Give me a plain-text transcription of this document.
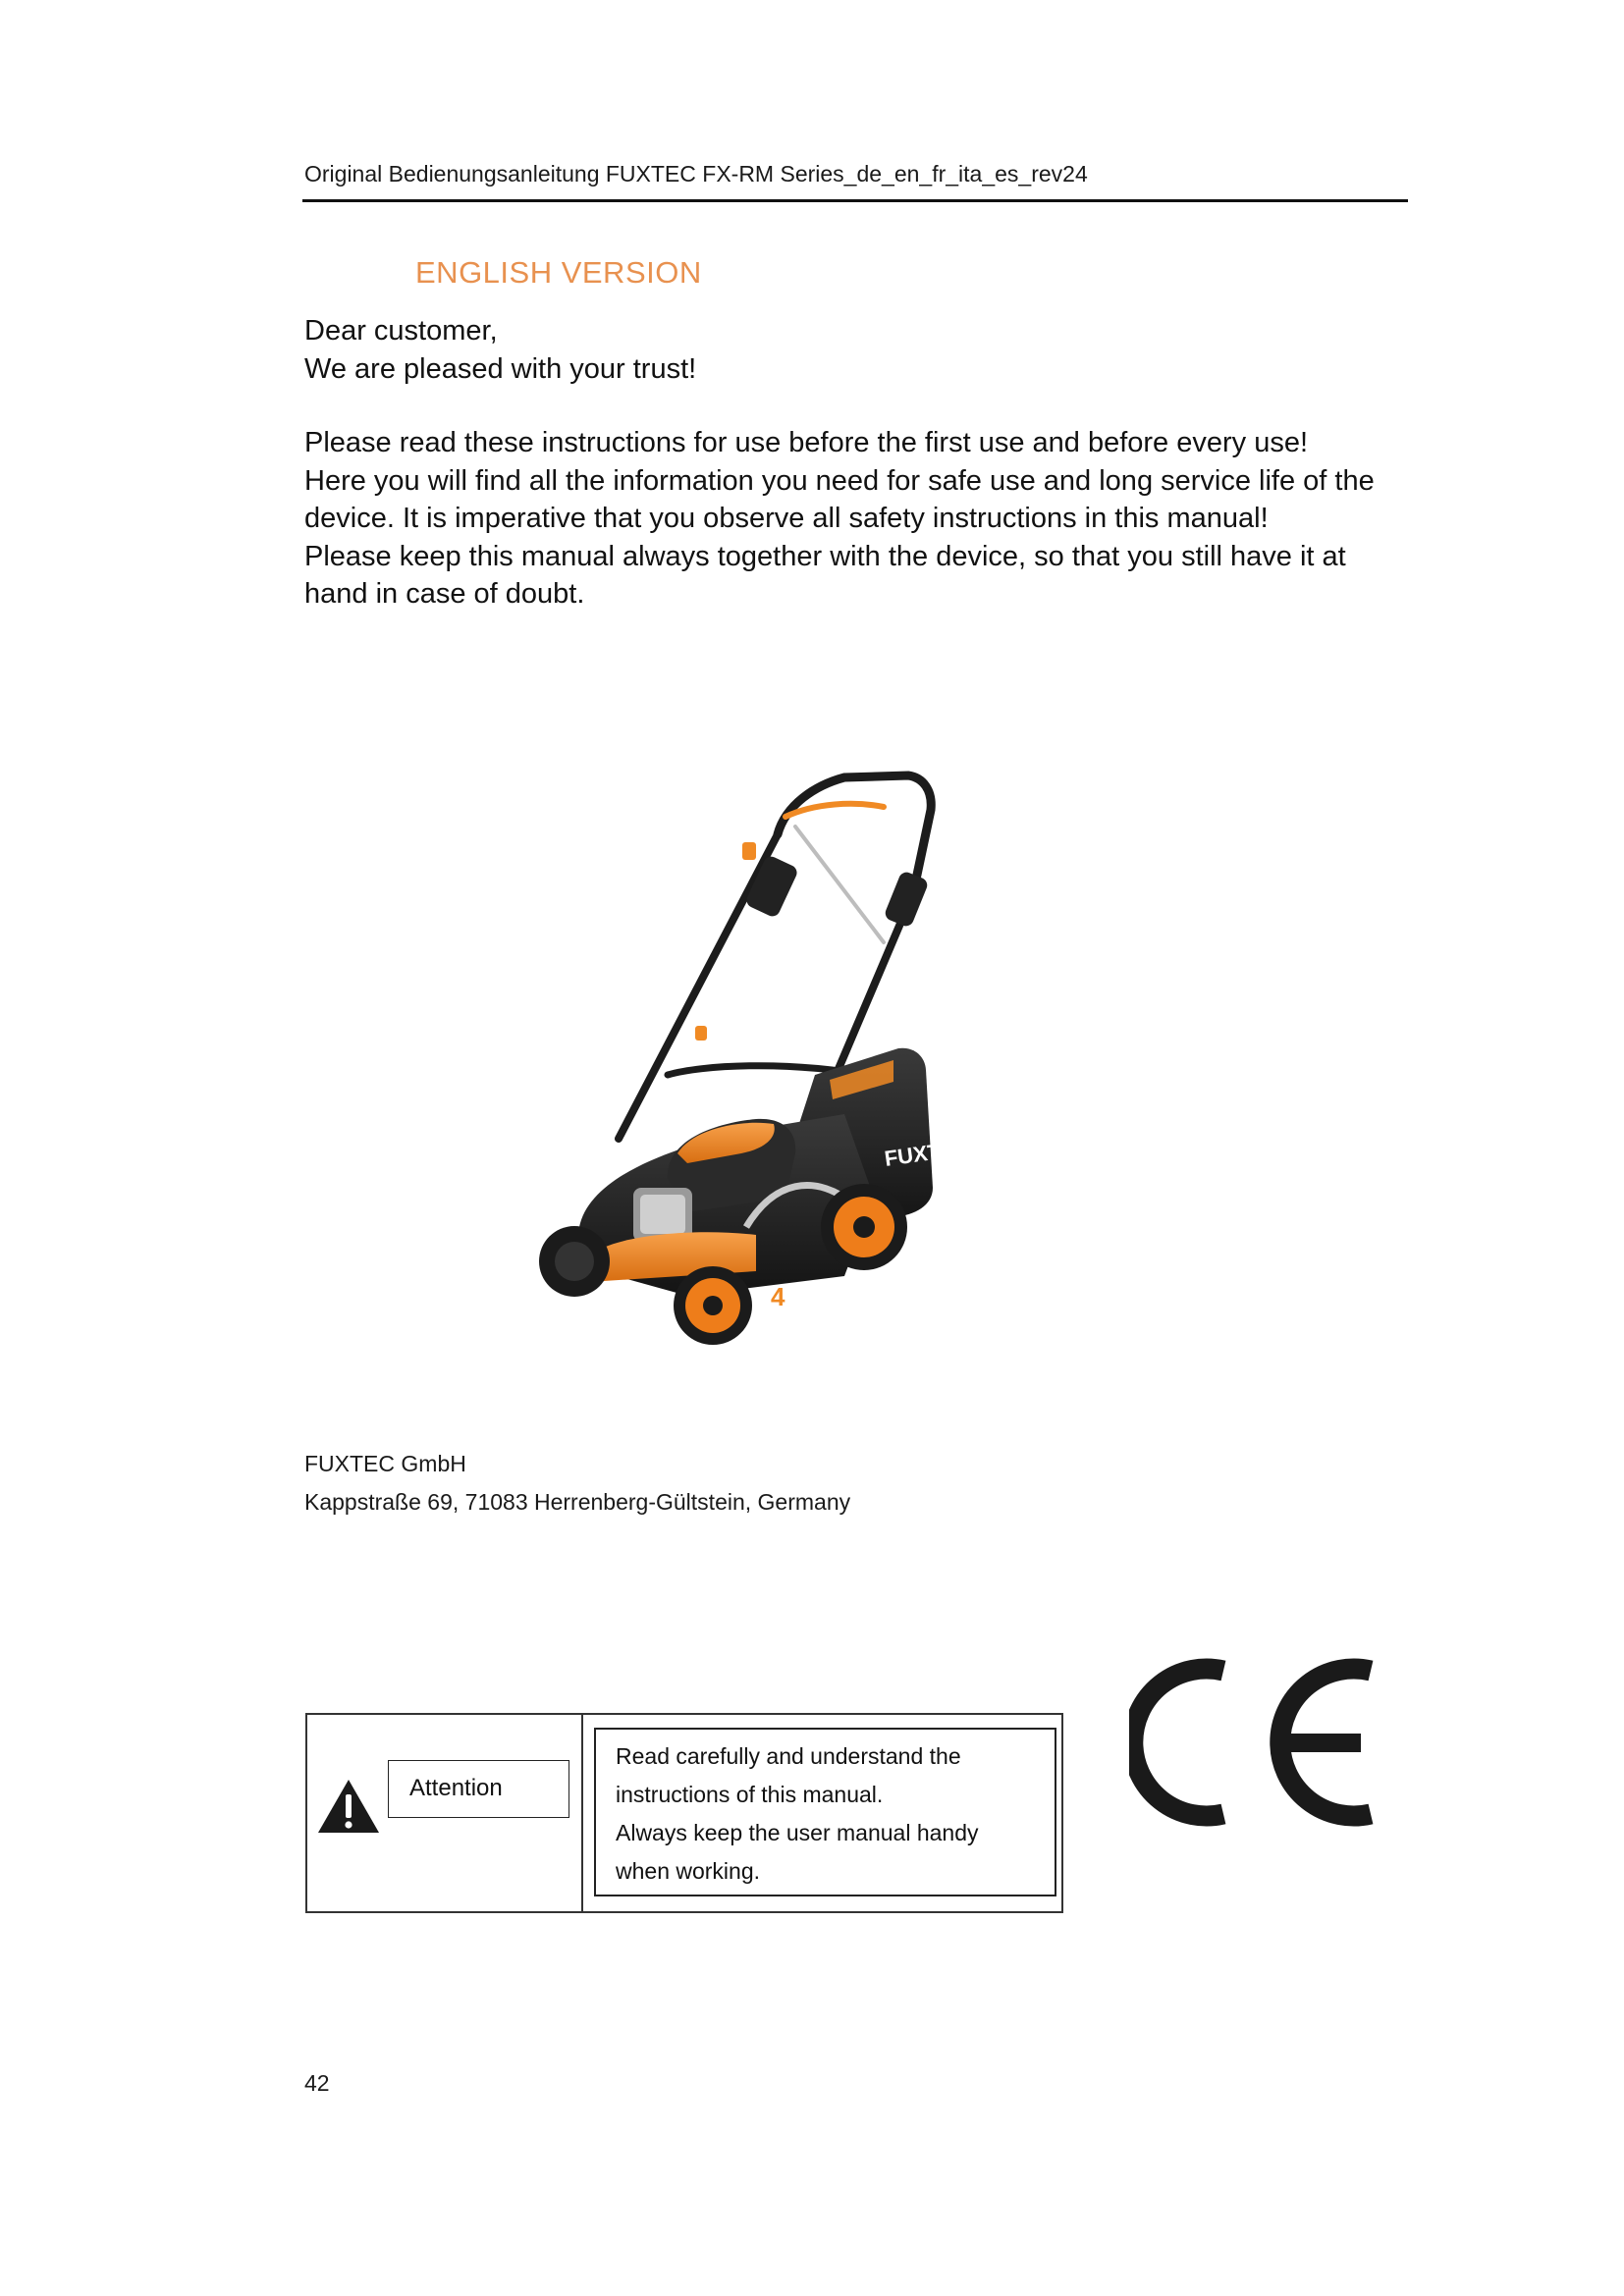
Original Bedienungsanleitung FUXTEC FX-RM Series_de_en_fr_ita_es_rev24
ENGLISH VERSION
Dear customer,
We are pleased with your trust!
Please read these instructions for use before the first use and before every use!
Here you will find all the information you need for safe use and long service life of the
device. It is imperative that you observe all safety instructions in this manual!
Please keep this manual always together with the device, so that you still have it at
hand in case of doubt.
FUXTEC
4
FUXTEC GmbH
Kappstraße 69, 71083 Herrenberg-Gültstein, Germany
Attention
Read carefully and understand the
instructions of this manual.
Always keep the user manual handy
when working.
42
